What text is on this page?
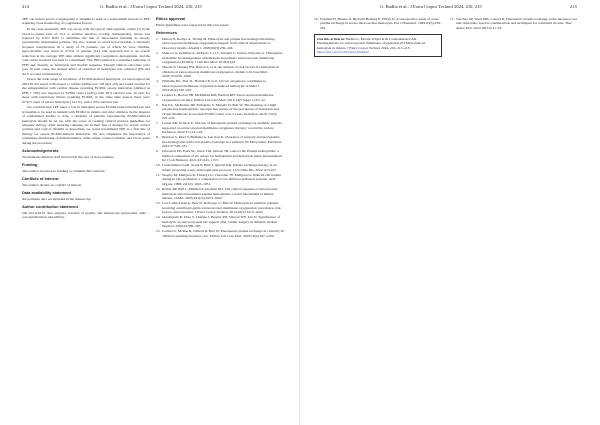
214	G. Budha et al.: J Extra Corpor Technol 2024, 216, 215

TPE can induce severe coagulopathy if albumin is used as a replacement instead of FFP, requiring close monitoring of coagulation factors.

In the cases presented, TPE was set up with the typical anticoagulant, citrate [7] in the blood-to-citrate ratio of 15:1 to achieve interface scoring. Subsequently, citrate was replaced by 0.9% NaCl to minimize the risk of intracranial bleeding in already systemically heparinized patients. We also wanted to avoid hypocalcemia, a relatively frequent complication. In a study of 76 patients, out of which 53 were children, hypocalcemia was noted in 27.6% of patients [14]. Our approach led to an overall reduction in the average TPE time without significant coagulation derangement, and the total citrate received was kept to a minimum. The TPE resulted in a sustained reduction of PFH and, thereby, in hemolysis and morbid sequelae. Though clinical outcomes were poor in both cases, the desired effect of reduction in hemolysis was achieved (Hb and ACT accrued continuously).

Given the wide range of incidence of ECMO-induced hemolysis, we interrogated the 2023 ELSO report with respect to infants (defined as <28 days old) and found out that for the subpopulation with cardiac disease requiring ECMO, severe hemolysis (defined as PFH > 100) was reported in 54/366 cases (14.8%) with 28% survival rate. In turn, for those with respiratory illness requiring ECMO, in the same time period, there were 67/475 cases of severe hemolysis (14.1%), with a 43% survival rate.

We conclude that TPE plays a role in managing severe ECMO-induced hemolysis and is feasible to be used in tandem with ECMO in infants and older children. In the absence of randomized studies to date, a database of patients experiencing ECMO-induced hemolysis should be set up, with the scope of creating clinical practice guidelines for adequate therapy. After ensuring cannulae are in their line of therapy for severe control position and void of thrombi or deposition, we could recommend TPE as a first line of therapy for severe ECMO-induced hemolysis. We also emphasize the importance of continuous monitoring of hemodynamics, urine output, ionized calcium, and blood gases during the procedure.

Acknowledgements

We thank the Medical staff involved in the care of those patients.

Funding

The authors received no funding to complete this research.

Conflicts of interest

The authors declare no conflict of interest.

Data availability statement

All pertinent data are included in the manuscript.

Author contribution statement

GB and KM-W data analysis, creation of graphs, and manuscript preparation. ARC – conceptualization and editing.

Ethics approval

Ethics guidelines were respected in this case report.

References
1. Dalton N, Radlyo A, Thomg M. Hemolysis and plasma free hemoglobin during extracorporeal membrane oxygenation support: from clinical implications to laboratory details. ASAIO J. 2020;66(3):239–246.
2. Shakoor A, Zeidman A, DeFazio J, Li L, Seunent C, Garber-Chiwelie A. Therapeutic modalities for management of hemolysis in pediatric extracorporeal membrane oxygenation (ECMO). J Clin Res Med. 2018;3(3):6.
3. Okochi Y, Cheung EW, Barton S, et al. An analysis of risk factors for hemolysis in children on extracorporeal membrane oxygenation. Pediatr Crit Care Med. 2018;19:1059–1066.
4. Williams DC, Turi JL, Hornik CP, et al. Circuit oxygenator contributes to extracorporeal membrane oxygenation-induced hemolysis. ASAIO J. 2015;61(2):190–195.
5. Lequier L, Horton SB, McMullan DM, Bartlett RH. Extracorporeal membrane oxygenation circuitry. Pediatr Crit Care Med. 2013;14(5 Suppl 1):S7–12.
6. Pan KC, McKenzie DP, Pellegrino V, Murphy D, Butt W. The meaning of a high plasma free haemoglobin: retrospective review of the prevalence of hemolysis and circuit thrombosis in an adult ECMO centre over 5 years. Perfusion. 2016; 31(3): 223–231.
7. Lerner RK, Pollack U. The use of therapeutic plasma exchange for pediatric patients supported on extracorporeal membrane oxygenator therapy: a narrative review. Perfusion. 2022;37:113–122.
8. Houston S, Patel S, Badheka A, Lee-Son K. Clearance of severely elevated plasma free hemoglobin with total plasma exchange in a pediatric ECMO patient. Perfusion. 2022;37:528–531.
9. Gilvanovi EE, Eaks SL, Snow TM, Allison TR, Genovi JR. Plasma hemoglobin: a method comparison of six assays for hemoglobin and hemolysis index measurement. Int J Lab Hematol. 2021;43:1145–1153.
10. Constantinescu AR, South P, Blair J, Qherwi RR. Plasma exchange therapy in an infant: proposing a new anticoagulation protocol. J Urol Res Dis. 2022; 07:1247.
11. Skopby M, Mellgren K, Friberg LG, Chevalier JY, Mellgren G. Induced cell trauma during in vitro perfusion: a comparison of two different perfusion systems. Artif Organs. 1998; 22(12): 1045–1051.
12. Rother RP, Bell L, Hillmen P, Gladwin MT. The clinical sequelae of intravascular hemolysis and extracellular plasma hemoglobin: a novel mechanism of human disease. JAMA. 2005;293(13):1653–1662.
13. Lou S, MacLaren G, Best D, Delzoppo C, Butt W. Hemolysis in pediatric patients receiving centrifugal-pump extracorporeal membrane oxygenation: prevalence, risk factors, and outcomes. J Extra Corpor Technol. 2014;42(5):1213–1220.
14. Gbadegesin R, Zhao S, Charpie J, Brophy PD, Smoyer WE, Lin JJ. Significance of hemolysis on extracorporeal life support after cardiac surgery in children. Pediatr Nephrol. 2009;24:589–595.
15. Cortina G, McRae R, Chiletti R, Butt W. Therapeutic plasma exchange in critically ill children requiring intensive care. Pediatr Crit Care Med. 2018;19(2):e97–e104.
G. Budha et al.: J Extra Corpor Technol 2024, 216, 215	215
16. Fosdund H, Bruene O, Bjornell-Holberg E, Filbey D. A retrospective study of acute plasma exchange in severe intravascular hemolysis. Eur J Haematol. 1999;63(5):259–261.
Cite this article as: Budha G, Morris-Whyte K & Constantinescu AR. Plasmapheresis for extracorporeal membrane oxygenation (ECMO)-induced hemolysis in infants. J Extra Corpor Technol 2024, 216, 213–215. https://doi.org/10.1051/ject/2024032
17. Sanchez AP, Ward DM, Cunard R. Therapeutic plasma exchange in the intensive care unit: Rationale, special considerations and techniques for combined circuits. Ther Apher Dial. 2022;26(S1):41–52.
